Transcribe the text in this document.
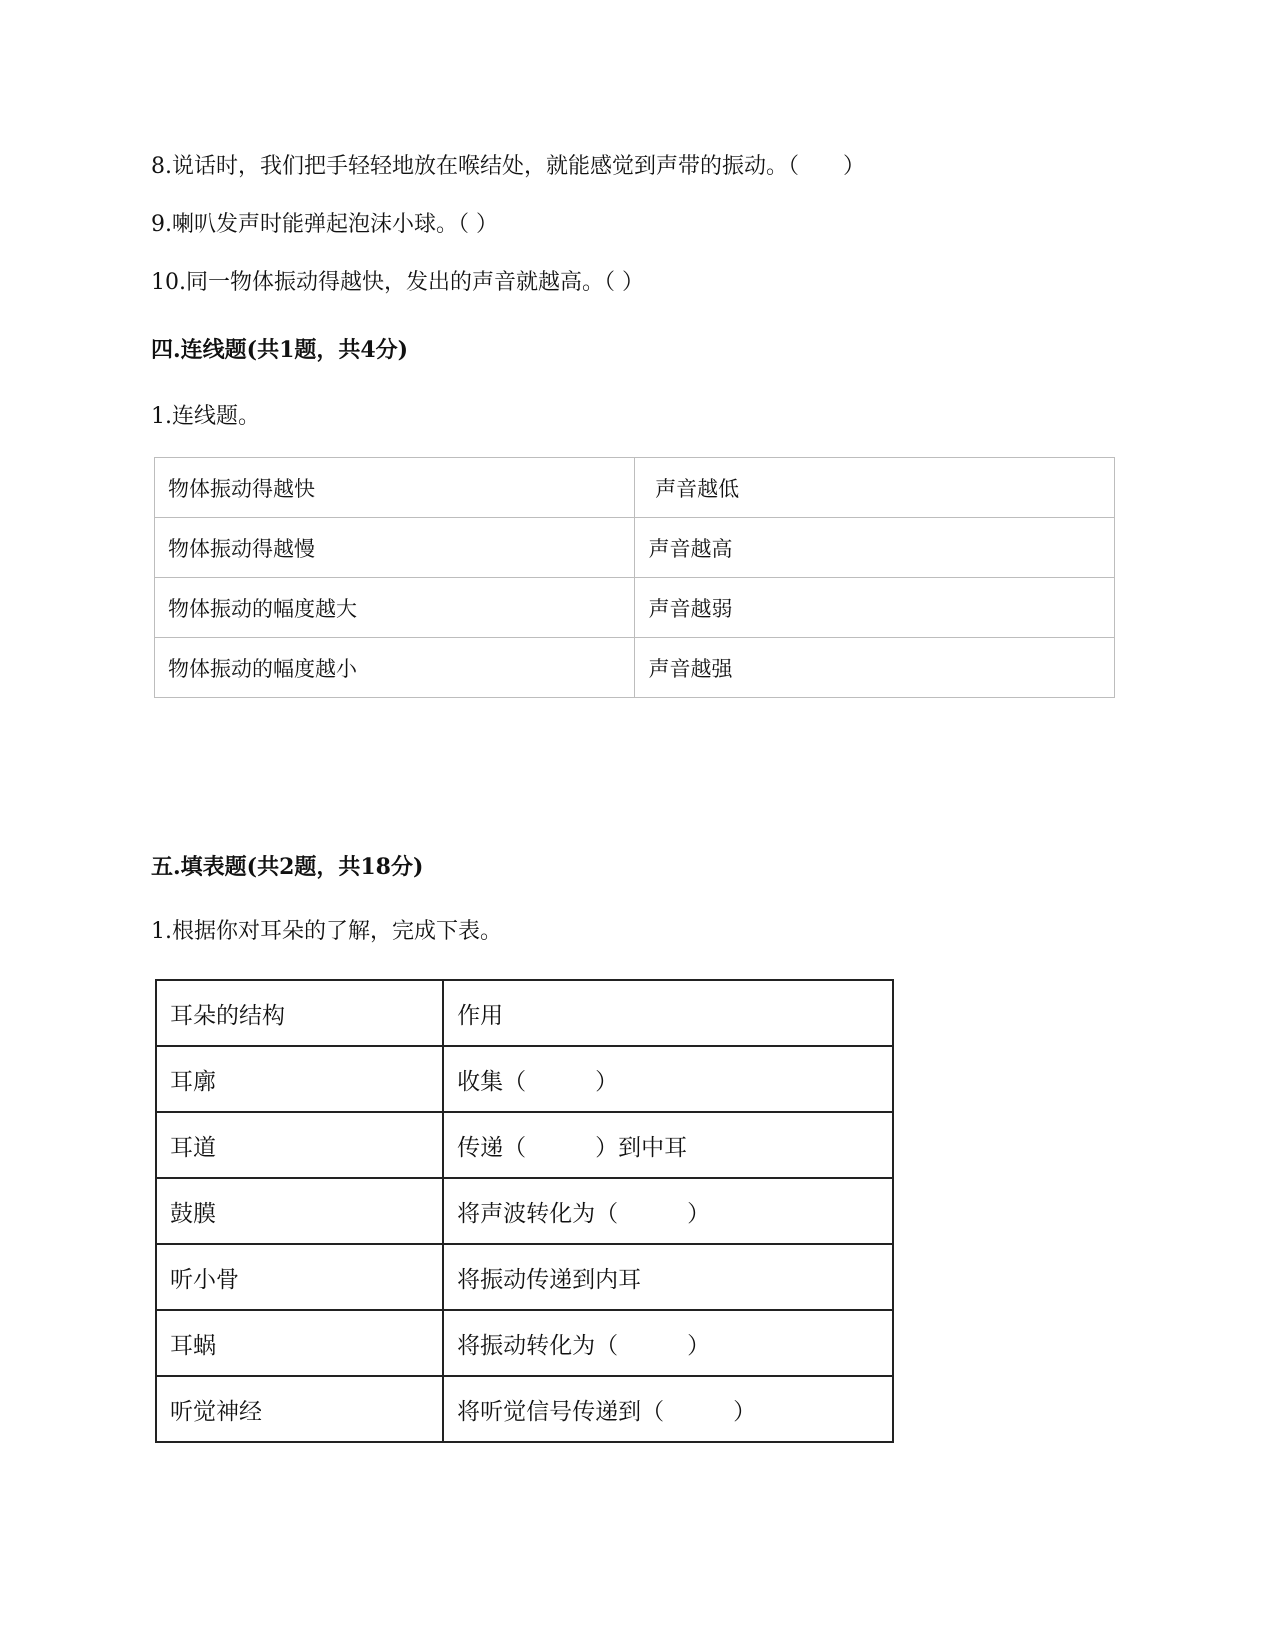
8.说话时，我们把手轻轻地放在喉结处，就能感觉到声带的振动。（　　）
9.喇叭发声时能弹起泡沫小球。（ ）
10.同一物体振动得越快，发出的声音就越高。（ ）
四.连线题(共1题，共4分)
1.连线题。
物体振动得越快	声音越低
物体振动得越慢	声音越高
物体振动的幅度越大	声音越弱
物体振动的幅度越小	声音越强
五.填表题(共2题，共18分)
1.根据你对耳朵的了解，完成下表。
耳朵的结构	作用
耳廓	收集（　　　）
耳道	传递（　　　）到中耳
鼓膜	将声波转化为（　　　）
听小骨	将振动传递到内耳
耳蜗	将振动转化为（　　　）
听觉神经	将听觉信号传递到（　　　）
